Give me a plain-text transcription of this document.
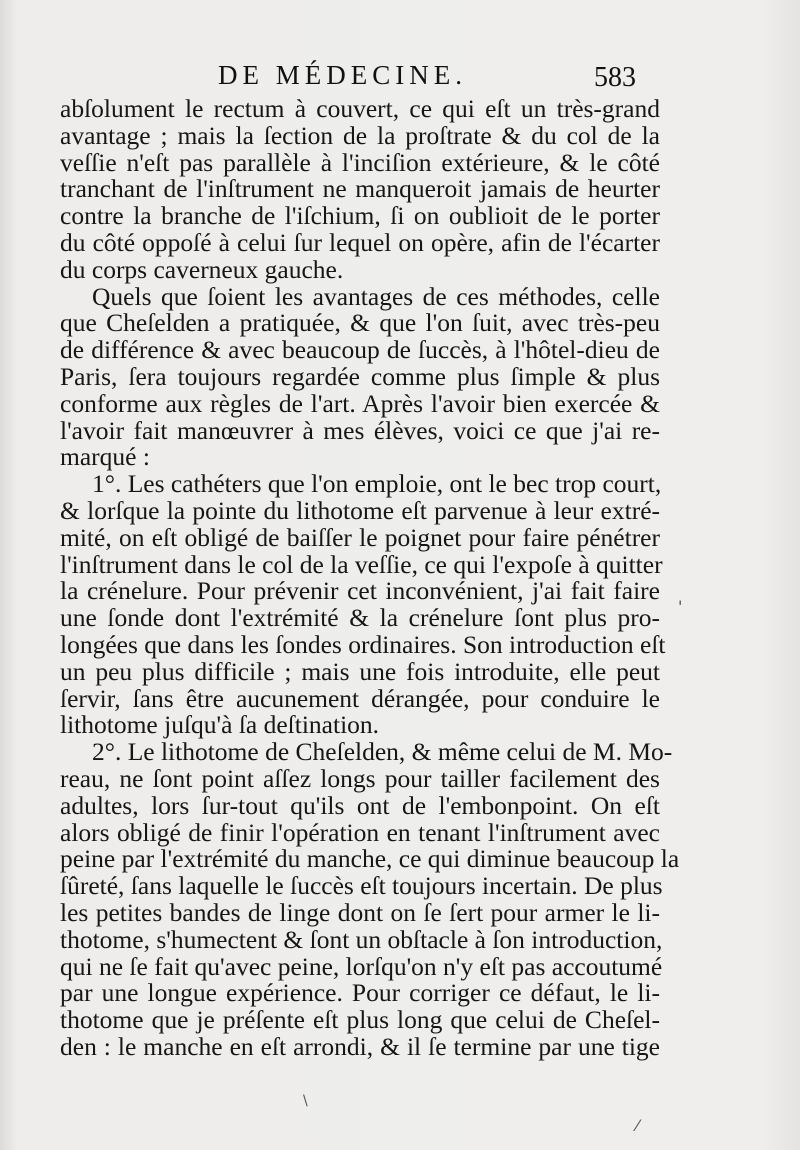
DE MÉDECINE.	583
abſolument le rectum à couvert, ce qui eſt un très-grand
avantage ; mais la ſection de la proſtrate & du col de la
veſſie n'eſt pas parallèle à l'inciſion extérieure, & le côté
tranchant de l'inſtrument ne manqueroit jamais de heurter
contre la branche de l'iſchium, ſi on oublioit de le porter
du côté oppoſé à celui ſur lequel on opère, afin de l'écarter
du corps caverneux gauche.
Quels que ſoient les avantages de ces méthodes, celle
que Cheſelden a pratiquée, & que l'on ſuit, avec très-peu
de différence & avec beaucoup de ſuccès, à l'hôtel-dieu de
Paris, ſera toujours regardée comme plus ſimple & plus
conforme aux règles de l'art. Après l'avoir bien exercée &
l'avoir fait manœuvrer à mes élèves, voici ce que j'ai re-
marqué :
1°. Les cathéters que l'on emploie, ont le bec trop court,
& lorſque la pointe du lithotome eſt parvenue à leur extré-
mité, on eſt obligé de baiſſer le poignet pour faire pénétrer
l'inſtrument dans le col de la veſſie, ce qui l'expoſe à quitter
la crénelure. Pour prévenir cet inconvénient, j'ai fait faire
une ſonde dont l'extrémité & la crénelure ſont plus pro-
longées que dans les ſondes ordinaires. Son introduction eſt
un peu plus difficile ; mais une fois introduite, elle peut
ſervir, ſans être aucunement dérangée, pour conduire le
lithotome juſqu'à ſa deſtination.
2°. Le lithotome de Cheſelden, & même celui de M. Mo-
reau, ne ſont point aſſez longs pour tailler facilement des
adultes, lors ſur-tout qu'ils ont de l'embonpoint. On eſt
alors obligé de finir l'opération en tenant l'inſtrument avec
peine par l'extrémité du manche, ce qui diminue beaucoup la
ſûreté, ſans laquelle le ſuccès eſt toujours incertain. De plus
les petites bandes de linge dont on ſe ſert pour armer le li-
thotome, s'humectent & ſont un obſtacle à ſon introduction,
qui ne ſe fait qu'avec peine, lorſqu'on n'y eſt pas accoutumé
par une longue expérience. Pour corriger ce défaut, le li-
thotome que je préſente eſt plus long que celui de Cheſel-
den : le manche en eſt arrondi, & il ſe termine par une tige
'
\
⁄
